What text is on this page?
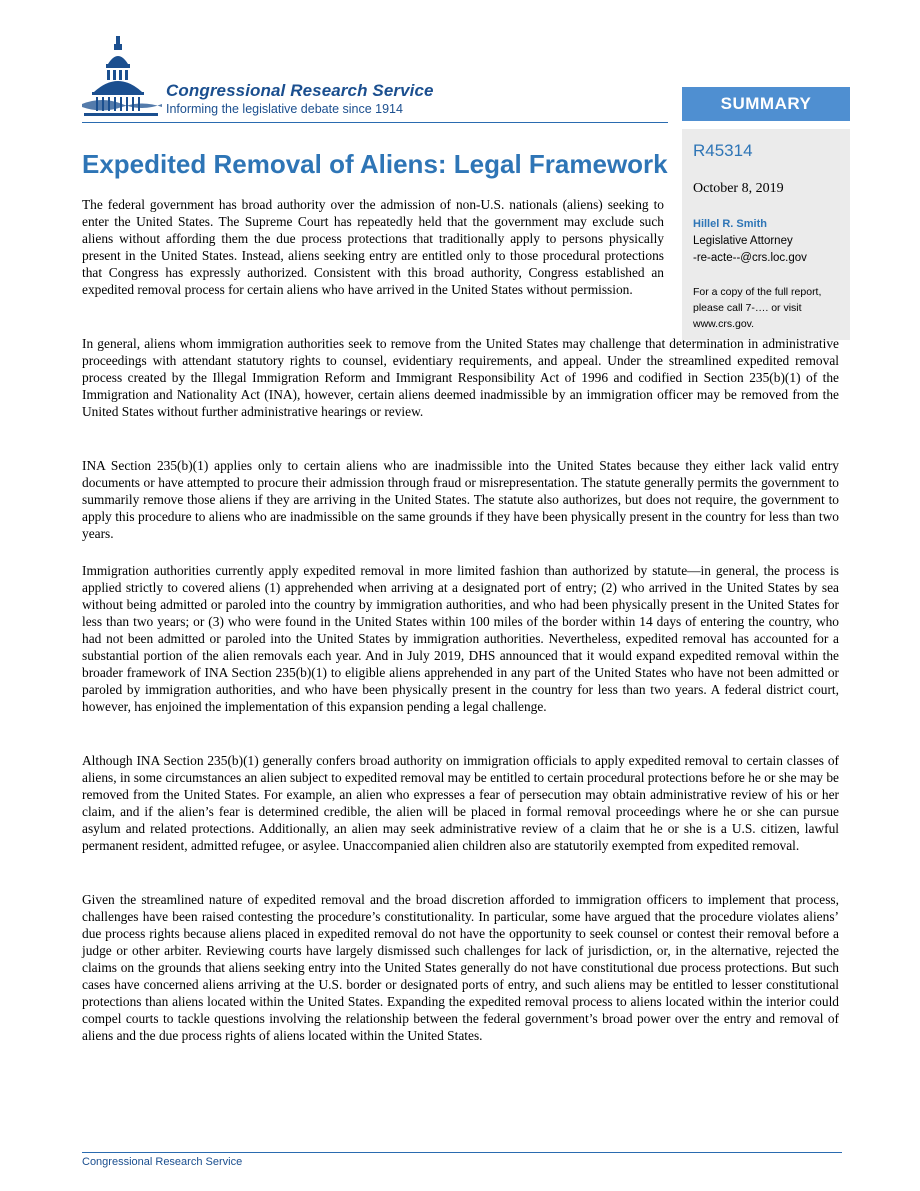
Congressional Research Service
Informing the legislative debate since 1914	SUMMARY
R45314
October 8, 2019
Hillel R. Smith
Legislative Attorney
-re-acte--@crs.loc.gov
For a copy of the full report, please call 7-…. or visit www.crs.gov.
Expedited Removal of Aliens: Legal Framework

The federal government has broad authority over the admission of non-U.S. nationals (aliens) seeking to enter the United States. The Supreme Court has repeatedly held that the government may exclude such aliens without affording them the due process protections that traditionally apply to persons physically present in the United States. Instead, aliens seeking entry are entitled only to those procedural protections that Congress has expressly authorized. Consistent with this broad authority, Congress established an expedited removal process for certain aliens who have arrived in the United States without permission.

In general, aliens whom immigration authorities seek to remove from the United States may challenge that determination in administrative proceedings with attendant statutory rights to counsel, evidentiary requirements, and appeal. Under the streamlined expedited removal process created by the Illegal Immigration Reform and Immigrant Responsibility Act of 1996 and codified in Section 235(b)(1) of the Immigration and Nationality Act (INA), however, certain aliens deemed inadmissible by an immigration officer may be removed from the United States without further administrative hearings or review.

INA Section 235(b)(1) applies only to certain aliens who are inadmissible into the United States because they either lack valid entry documents or have attempted to procure their admission through fraud or misrepresentation. The statute generally permits the government to summarily remove those aliens if they are arriving in the United States. The statute also authorizes, but does not require, the government to apply this procedure to aliens who are inadmissible on the same grounds if they have been physically present in the country for less than two years.

Immigration authorities currently apply expedited removal in more limited fashion than authorized by statute—in general, the process is applied strictly to covered aliens (1) apprehended when arriving at a designated port of entry; (2) who arrived in the United States by sea without being admitted or paroled into the country by immigration authorities, and who had been physically present in the United States for less than two years; or (3) who were found in the United States within 100 miles of the border within 14 days of entering the country, who had not been admitted or paroled into the United States by immigration authorities. Nevertheless, expedited removal has accounted for a substantial portion of the alien removals each year. And in July 2019, DHS announced that it would expand expedited removal within the broader framework of INA Section 235(b)(1) to eligible aliens apprehended in any part of the United States who have not been admitted or paroled by immigration authorities, and who have been physically present in the country for less than two years. A federal district court, however, has enjoined the implementation of this expansion pending a legal challenge.

Although INA Section 235(b)(1) generally confers broad authority on immigration officials to apply expedited removal to certain classes of aliens, in some circumstances an alien subject to expedited removal may be entitled to certain procedural protections before he or she may be removed from the United States. For example, an alien who expresses a fear of persecution may obtain administrative review of his or her claim, and if the alien’s fear is determined credible, the alien will be placed in formal removal proceedings where he or she can pursue asylum and related protections. Additionally, an alien may seek administrative review of a claim that he or she is a U.S. citizen, lawful permanent resident, admitted refugee, or asylee. Unaccompanied alien children also are statutorily exempted from expedited removal.

Given the streamlined nature of expedited removal and the broad discretion afforded to immigration officers to implement that process, challenges have been raised contesting the procedure’s constitutionality. In particular, some have argued that the procedure violates aliens’ due process rights because aliens placed in expedited removal do not have the opportunity to seek counsel or contest their removal before a judge or other arbiter. Reviewing courts have largely dismissed such challenges for lack of jurisdiction, or, in the alternative, rejected the claims on the grounds that aliens seeking entry into the United States generally do not have constitutional due process protections. But such cases have concerned aliens arriving at the U.S. border or designated ports of entry, and such aliens may be entitled to lesser constitutional protections than aliens located within the United States. Expanding the expedited removal process to aliens located within the interior could compel courts to tackle questions involving the relationship between the federal government’s broad power over the entry and removal of aliens and the due process rights of aliens located within the United States.

Congressional Research Service
